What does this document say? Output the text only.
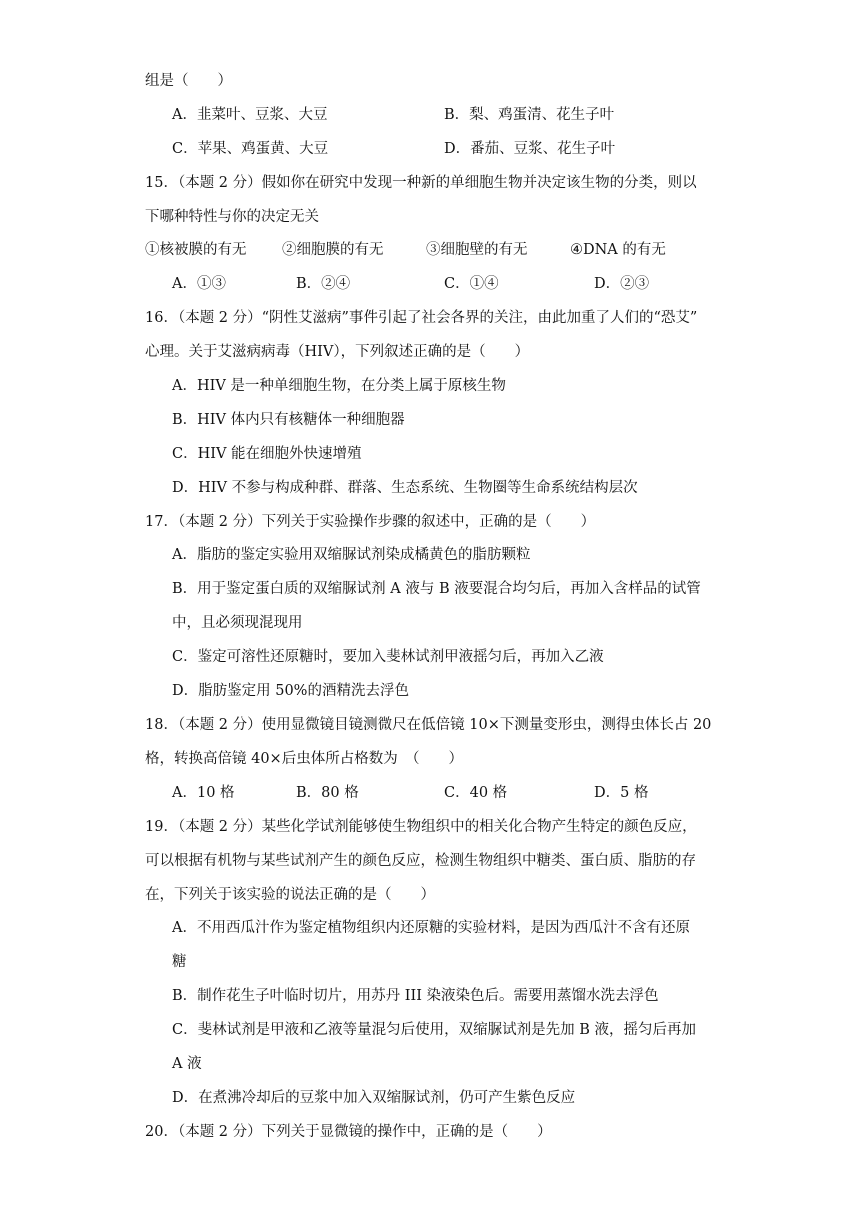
组是（　　）
A．韭菜叶、豆浆、大豆	B．梨、鸡蛋清、花生子叶
C．苹果、鸡蛋黄、大豆	D．番茄、豆浆、花生子叶
15．（本题 2 分）假如你在研究中发现一种新的单细胞生物并决定该生物的分类，则以
下哪种特性与你的决定无关
①核被膜的有无 ②细胞膜的有无	③细胞壁的有无	④DNA 的有无
A．①③	B．②④	C．①④	D．②③
16．（本题 2 分）“阴性艾滋病”事件引起了社会各界的关注，由此加重了人们的“恐艾”
心理。关于艾滋病病毒（HIV），下列叙述正确的是（　　）
A．HIV 是一种单细胞生物，在分类上属于原核生物
B．HIV 体内只有核糖体一种细胞器
C．HIV 能在细胞外快速增殖
D．HIV 不参与构成种群、群落、生态系统、生物圈等生命系统结构层次
17．（本题 2 分）下列关于实验操作步骤的叙述中，正确的是（　　）
A．脂肪的鉴定实验用双缩脲试剂染成橘黄色的脂肪颗粒
B．用于鉴定蛋白质的双缩脲试剂 A 液与 B 液要混合均匀后，再加入含样品的试管
中，且必须现混现用
C．鉴定可溶性还原糖时，要加入斐林试剂甲液摇匀后，再加入乙液
D．脂肪鉴定用 50%的酒精洗去浮色
18．（本题 2 分）使用显微镜目镜测微尺在低倍镜 10×下测量变形虫，测得虫体长占 20
格，转换高倍镜 40×后虫体所占格数为　（　　）
A．10 格	B．80 格	C．40 格	D．5 格
19．（本题 2 分）某些化学试剂能够使生物组织中的相关化合物产生特定的颜色反应，
可以根据有机物与某些试剂产生的颜色反应，检测生物组织中糖类、蛋白质、脂肪的存
在，下列关于该实验的说法正确的是（　　）
A．不用西瓜汁作为鉴定植物组织内还原糖的实验材料，是因为西瓜汁不含有还原
糖
B．制作花生子叶临时切片，用苏丹 III 染液染色后。需要用蒸馏水洗去浮色
C．斐林试剂是甲液和乙液等量混匀后使用，双缩脲试剂是先加 B 液，摇匀后再加
A 液
D．在煮沸冷却后的豆浆中加入双缩脲试剂，仍可产生紫色反应
20．（本题 2 分）下列关于显微镜的操作中，正确的是（　　）
